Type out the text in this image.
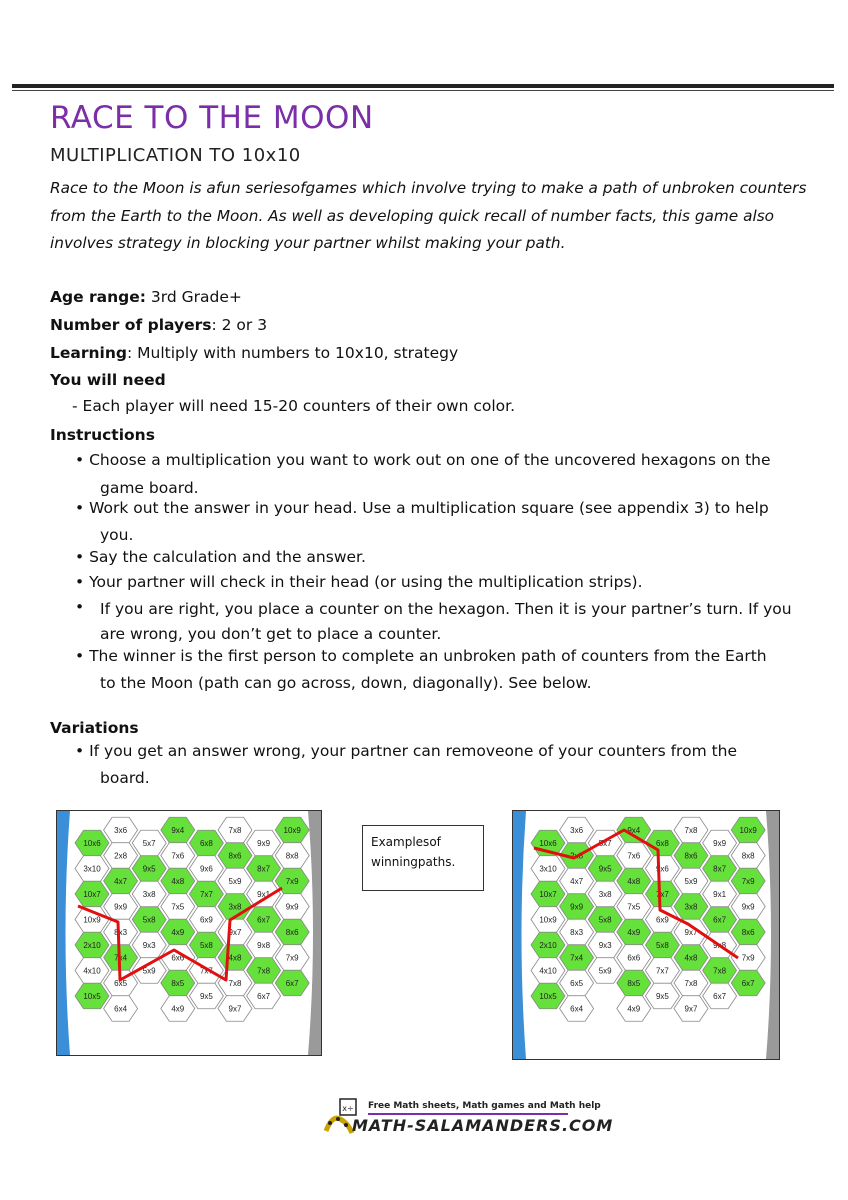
RACE TO THE MOON
MULTIPLICATION TO 10x10
Race to the Moon is afun seriesofgames which involve trying to make a path of unbroken counters from the Earth to the Moon. As well as developing quick recall of number facts, this game also involves strategy in blocking your partner whilst making your path.
Age range: 3rd Grade+
Number of players: 2 or 3
Learning: Multiply with numbers to 10x10, strategy
You will need
- Each player will need 15-20 counters of their own color.
Instructions
• Choose a multiplication you want to work out on one of the uncovered hexagons on the
game board.
• Work out the answer in your head. Use a multiplication square (see appendix 3) to help
you.
• Say the calculation and the answer.
• Your partner will check in their head (or using the multiplication strips).
• If you are right, you place a counter on the hexagon. Then it is your partner’s turn. If you
are wrong, you don’t get to place a counter.
• The winner is the first person to complete an unbroken path of counters from the Earth
to the Moon (path can go across, down, diagonally). See below.
Variations
• If you get an answer wrong, your partner can removeone of your counters from the
board.
10x6
3x10
10x7
10x9
2x10
4x10
10x5
3x6
2x8
4x7
9x9
8x3
7x4
6x5
6x4
5x7
9x5
3x8
5x8
9x3
5x9
9x4
7x6
4x8
7x5
4x9
6x6
8x5
4x9
6x8
9x6
7x7
6x9
5x8
7x7
9x5
7x8
8x6
5x9
3x8
9x7
4x8
7x8
9x7
9x9
8x7
9x1
6x7
9x8
7x8
6x7
10x9
8x8
7x9
9x9
8x6
7x9
6x7
10x6
3x10
10x7
10x9
2x10
4x10
10x5
3x6
2x8
4x7
9x9
8x3
7x4
6x5
6x4
5x7
9x5
3x8
5x8
9x3
5x9
9x4
7x6
4x8
7x5
4x9
6x6
8x5
4x9
6x8
9x6
7x7
6x9
5x8
7x7
9x5
7x8
8x6
5x9
3x8
9x7
4x8
7x8
9x7
9x9
8x7
9x1
6x7
9x8
7x8
6x7
10x9
8x8
7x9
9x9
8x6
7x9
6x7
Examplesof winningpaths.
x÷ Free Math sheets, Math games and Math help
MATH-SALAMANDERS.COM
